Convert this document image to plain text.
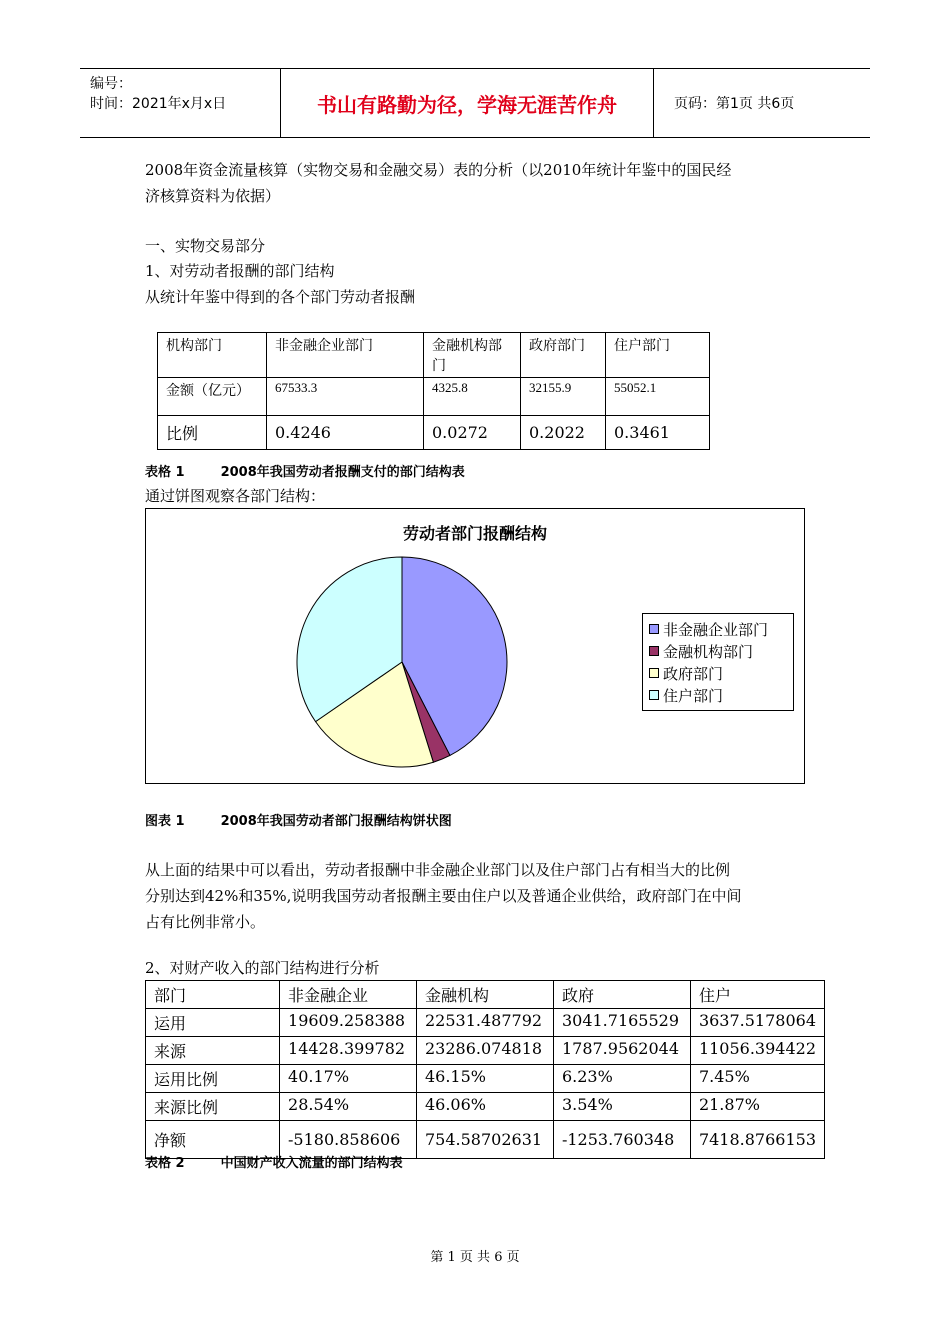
编号：
时间：2021年x月x日	书山有路勤为径，学海无涯苦作舟	页码：第1页 共6页
2008年资金流量核算（实物交易和金融交易）表的分析（以2010年统计年鉴中的国民经
济核算资料为依据）
一、实物交易部分
1、对劳动者报酬的部门结构
从统计年鉴中得到的各个部门劳动者报酬
机构部门	非金融企业部门	金融机构部门	政府部门	住户部门
金额（亿元）	67533.3	4325.8	32155.9	55052.1
比例	0.4246	0.0272	0.2022	0.3461
表格 1	2008年我国劳动者报酬支付的部门结构表
通过饼图观察各部门结构：
劳动者部门报酬结构
非金融企业部门
金融机构部门
政府部门
住户部门
图表 1	2008年我国劳动者部门报酬结构饼状图
从上面的结果中可以看出，劳动者报酬中非金融企业部门以及住户部门占有相当大的比例
分别达到42%和35%,说明我国劳动者报酬主要由住户以及普通企业供给，政府部门在中间
占有比例非常小。
2、对财产收入的部门结构进行分析
部门	非金融企业	金融机构	政府	住户
运用	19609.258388	22531.487792	3041.7165529	3637.5178064
来源	14428.399782	23286.074818	1787.9562044	11056.394422
运用比例	40.17%	46.15%	6.23%	7.45%
来源比例	28.54%	46.06%	3.54%	21.87%
净额	-5180.858606	754.58702631	-1253.760348	7418.8766153
表格 2	中国财产收入流量的部门结构表
第 1 页 共 6 页
